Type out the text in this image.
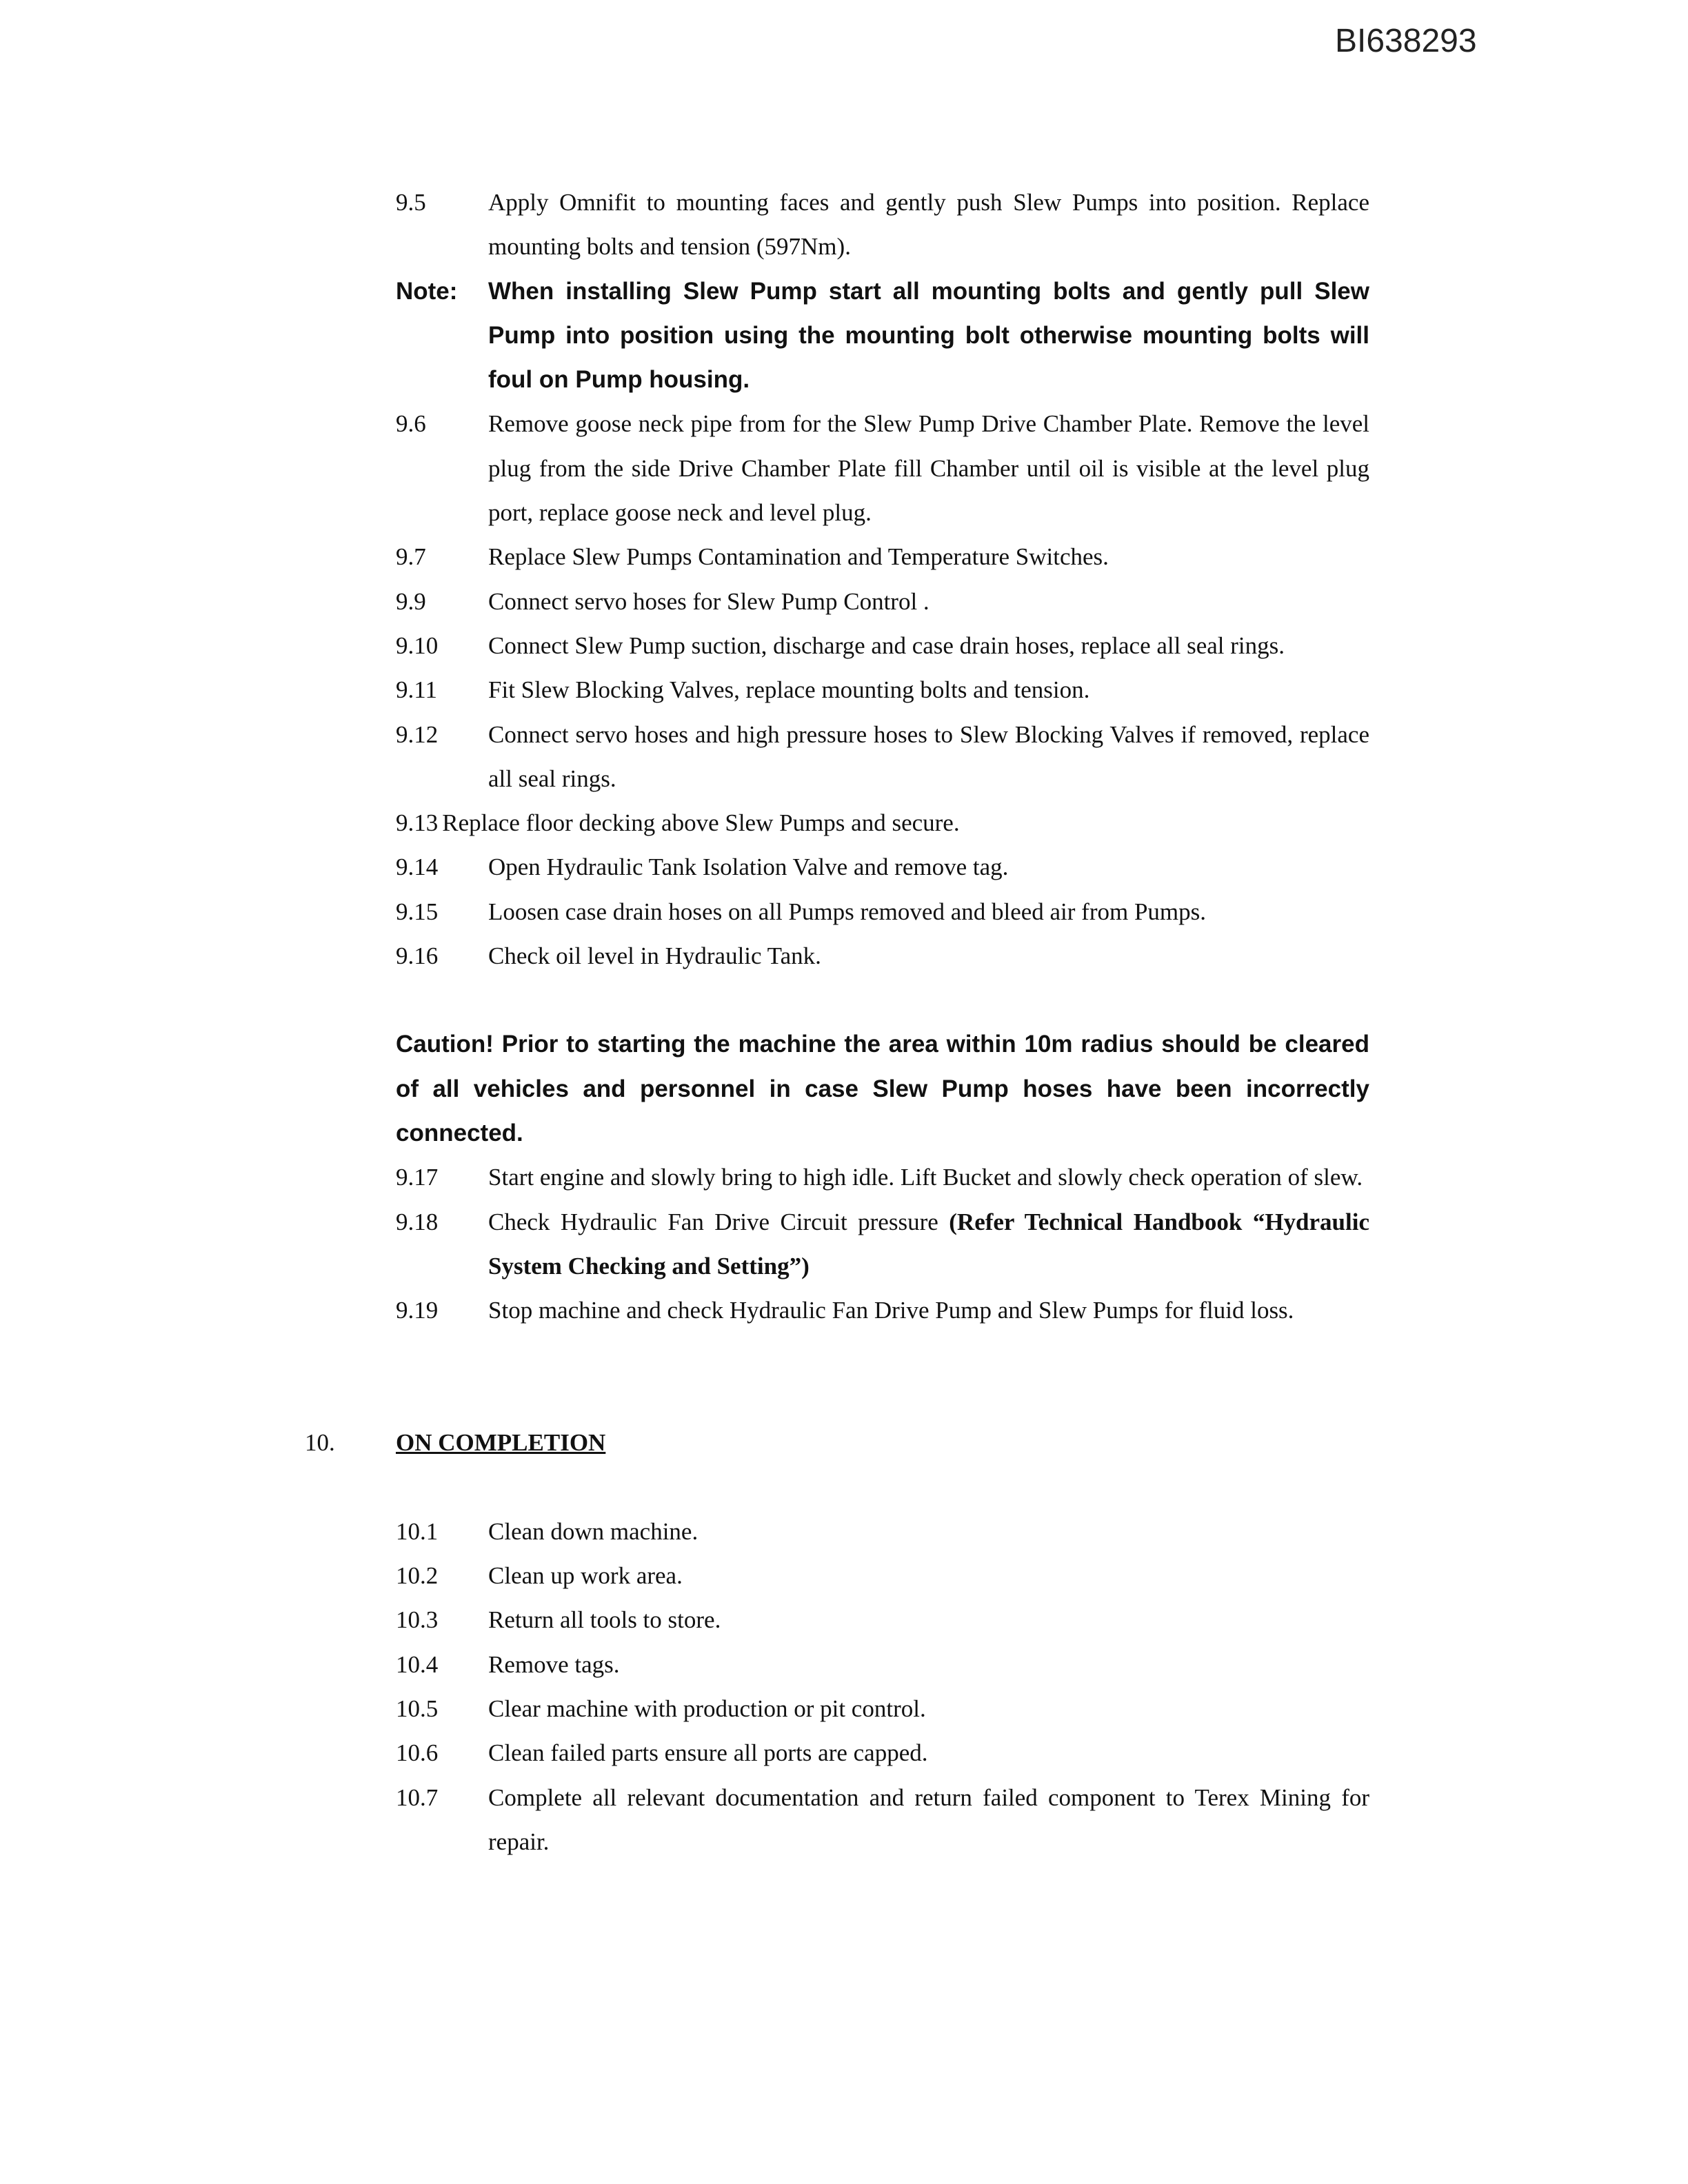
BI638293
9.5	Apply Omnifit to mounting faces and gently push Slew Pumps into position. Replace mounting bolts and tension (597Nm).
Note: When installing Slew Pump start all mounting bolts and gently pull Slew Pump into position using the mounting bolt otherwise mounting bolts will foul on Pump housing.
9.6	Remove goose neck pipe from for the Slew Pump Drive Chamber Plate. Remove the level plug from the side Drive Chamber Plate fill Chamber until oil is visible at the level plug port, replace goose neck and level plug.
9.7	Replace Slew Pumps Contamination and Temperature Switches.
9.9	Connect servo hoses for Slew Pump Control .
9.10 Connect Slew Pump suction, discharge and case drain hoses, replace all seal rings.
9.11 Fit Slew Blocking Valves, replace mounting bolts and tension.
9.12 Connect servo hoses and high pressure hoses to Slew Blocking Valves if removed, replace all seal rings.
9.13 Replace floor decking above Slew Pumps and secure.
9.14 Open Hydraulic Tank Isolation Valve and remove tag.
9.15 Loosen case drain hoses on all Pumps removed and bleed air from Pumps.
9.16 Check oil level in Hydraulic Tank.
Caution! Prior to starting the machine the area within 10m radius should be cleared of all vehicles and personnel in case Slew Pump hoses have been incorrectly connected.
9.17 Start engine and slowly bring to high idle. Lift Bucket and slowly check operation of slew.
9.18 Check Hydraulic Fan Drive Circuit pressure (Refer Technical Handbook “Hydraulic System Checking and Setting”)
9.19 Stop machine and check Hydraulic Fan Drive Pump and Slew Pumps for fluid loss.
10.	ON COMPLETION
10.1 Clean down machine.
10.2 Clean up work area.
10.3 Return all tools to store.
10.4 Remove tags.
10.5 Clear machine with production or pit control.
10.6 Clean failed parts ensure all ports are capped.
10.7 Complete all relevant documentation and return failed component to Terex Mining for repair.
